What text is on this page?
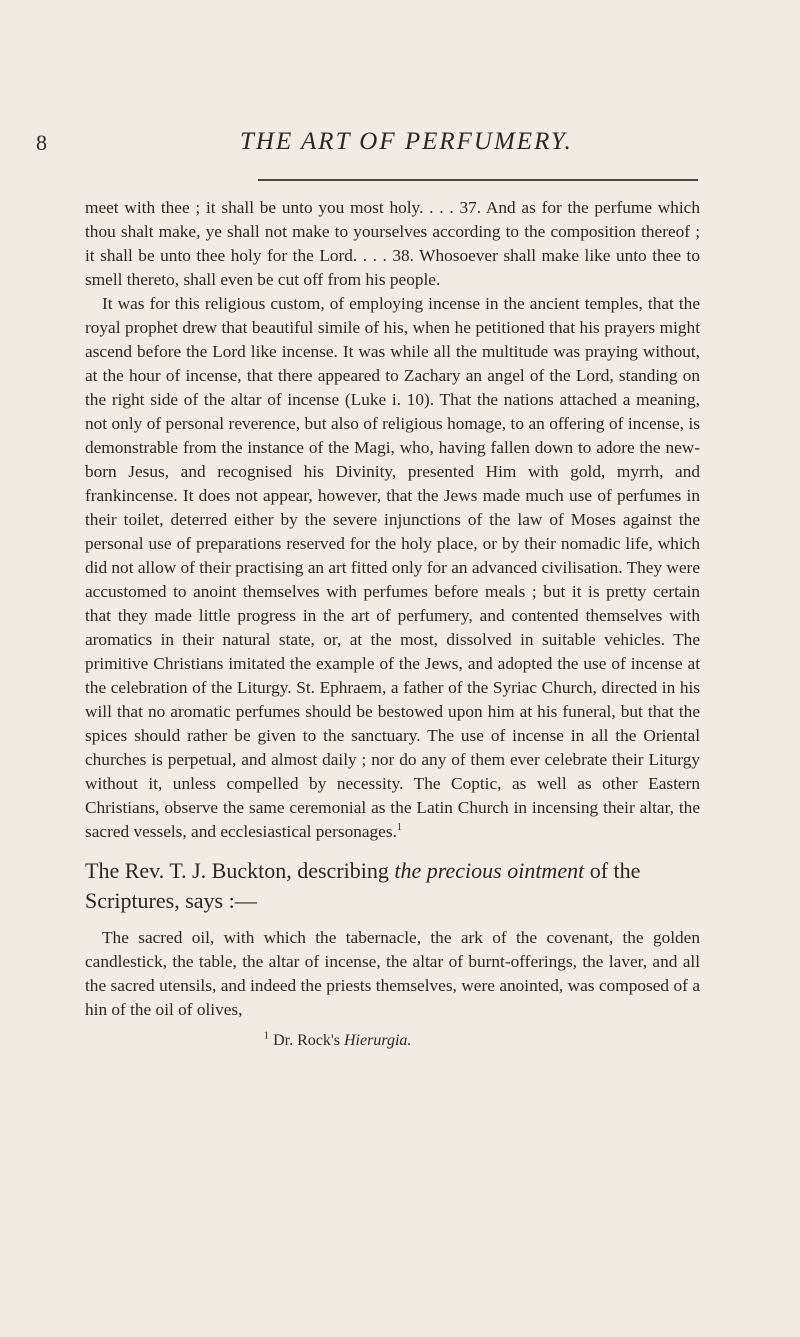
8	THE ART OF PERFUMERY.

meet with thee ; it shall be unto you most holy. . . . 37. And as for the perfume which thou shalt make, ye shall not make to yourselves according to the composition thereof ; it shall be unto thee holy for the Lord. . . . 38. Whosoever shall make like unto thee to smell thereto, shall even be cut off from his people.

It was for this religious custom, of employing incense in the ancient temples, that the royal prophet drew that beautiful simile of his, when he petitioned that his prayers might ascend before the Lord like incense. It was while all the multitude was praying without, at the hour of incense, that there appeared to Zachary an angel of the Lord, standing on the right side of the altar of incense (Luke i. 10). That the nations attached a meaning, not only of personal reverence, but also of religious homage, to an offering of incense, is demonstrable from the instance of the Magi, who, having fallen down to adore the new-born Jesus, and recognised his Divinity, presented Him with gold, myrrh, and frankincense. It does not appear, however, that the Jews made much use of perfumes in their toilet, deterred either by the severe injunctions of the law of Moses against the personal use of preparations reserved for the holy place, or by their nomadic life, which did not allow of their practising an art fitted only for an advanced civilisation. They were accustomed to anoint themselves with perfumes before meals ; but it is pretty certain that they made little progress in the art of perfumery, and contented themselves with aromatics in their natural state, or, at the most, dissolved in suitable vehicles. The primitive Christians imitated the example of the Jews, and adopted the use of incense at the celebration of the Liturgy. St. Ephraem, a father of the Syriac Church, directed in his will that no aromatic perfumes should be bestowed upon him at his funeral, but that the spices should rather be given to the sanctuary. The use of incense in all the Oriental churches is perpetual, and almost daily ; nor do any of them ever celebrate their Liturgy without it, unless compelled by necessity. The Coptic, as well as other Eastern Christians, observe the same ceremonial as the Latin Church in incensing their altar, the sacred vessels, and ecclesiastical personages.$^1$

The Rev. T. J. Buckton, describing the precious ointment of the Scriptures, says :—

The sacred oil, with which the tabernacle, the ark of the covenant, the golden candlestick, the table, the altar of incense, the altar of burnt-offerings, the laver, and all the sacred utensils, and indeed the priests themselves, were anointed, was composed of a hin of the oil of olives,

$^1$ Dr. Rock's Hierurgia.
